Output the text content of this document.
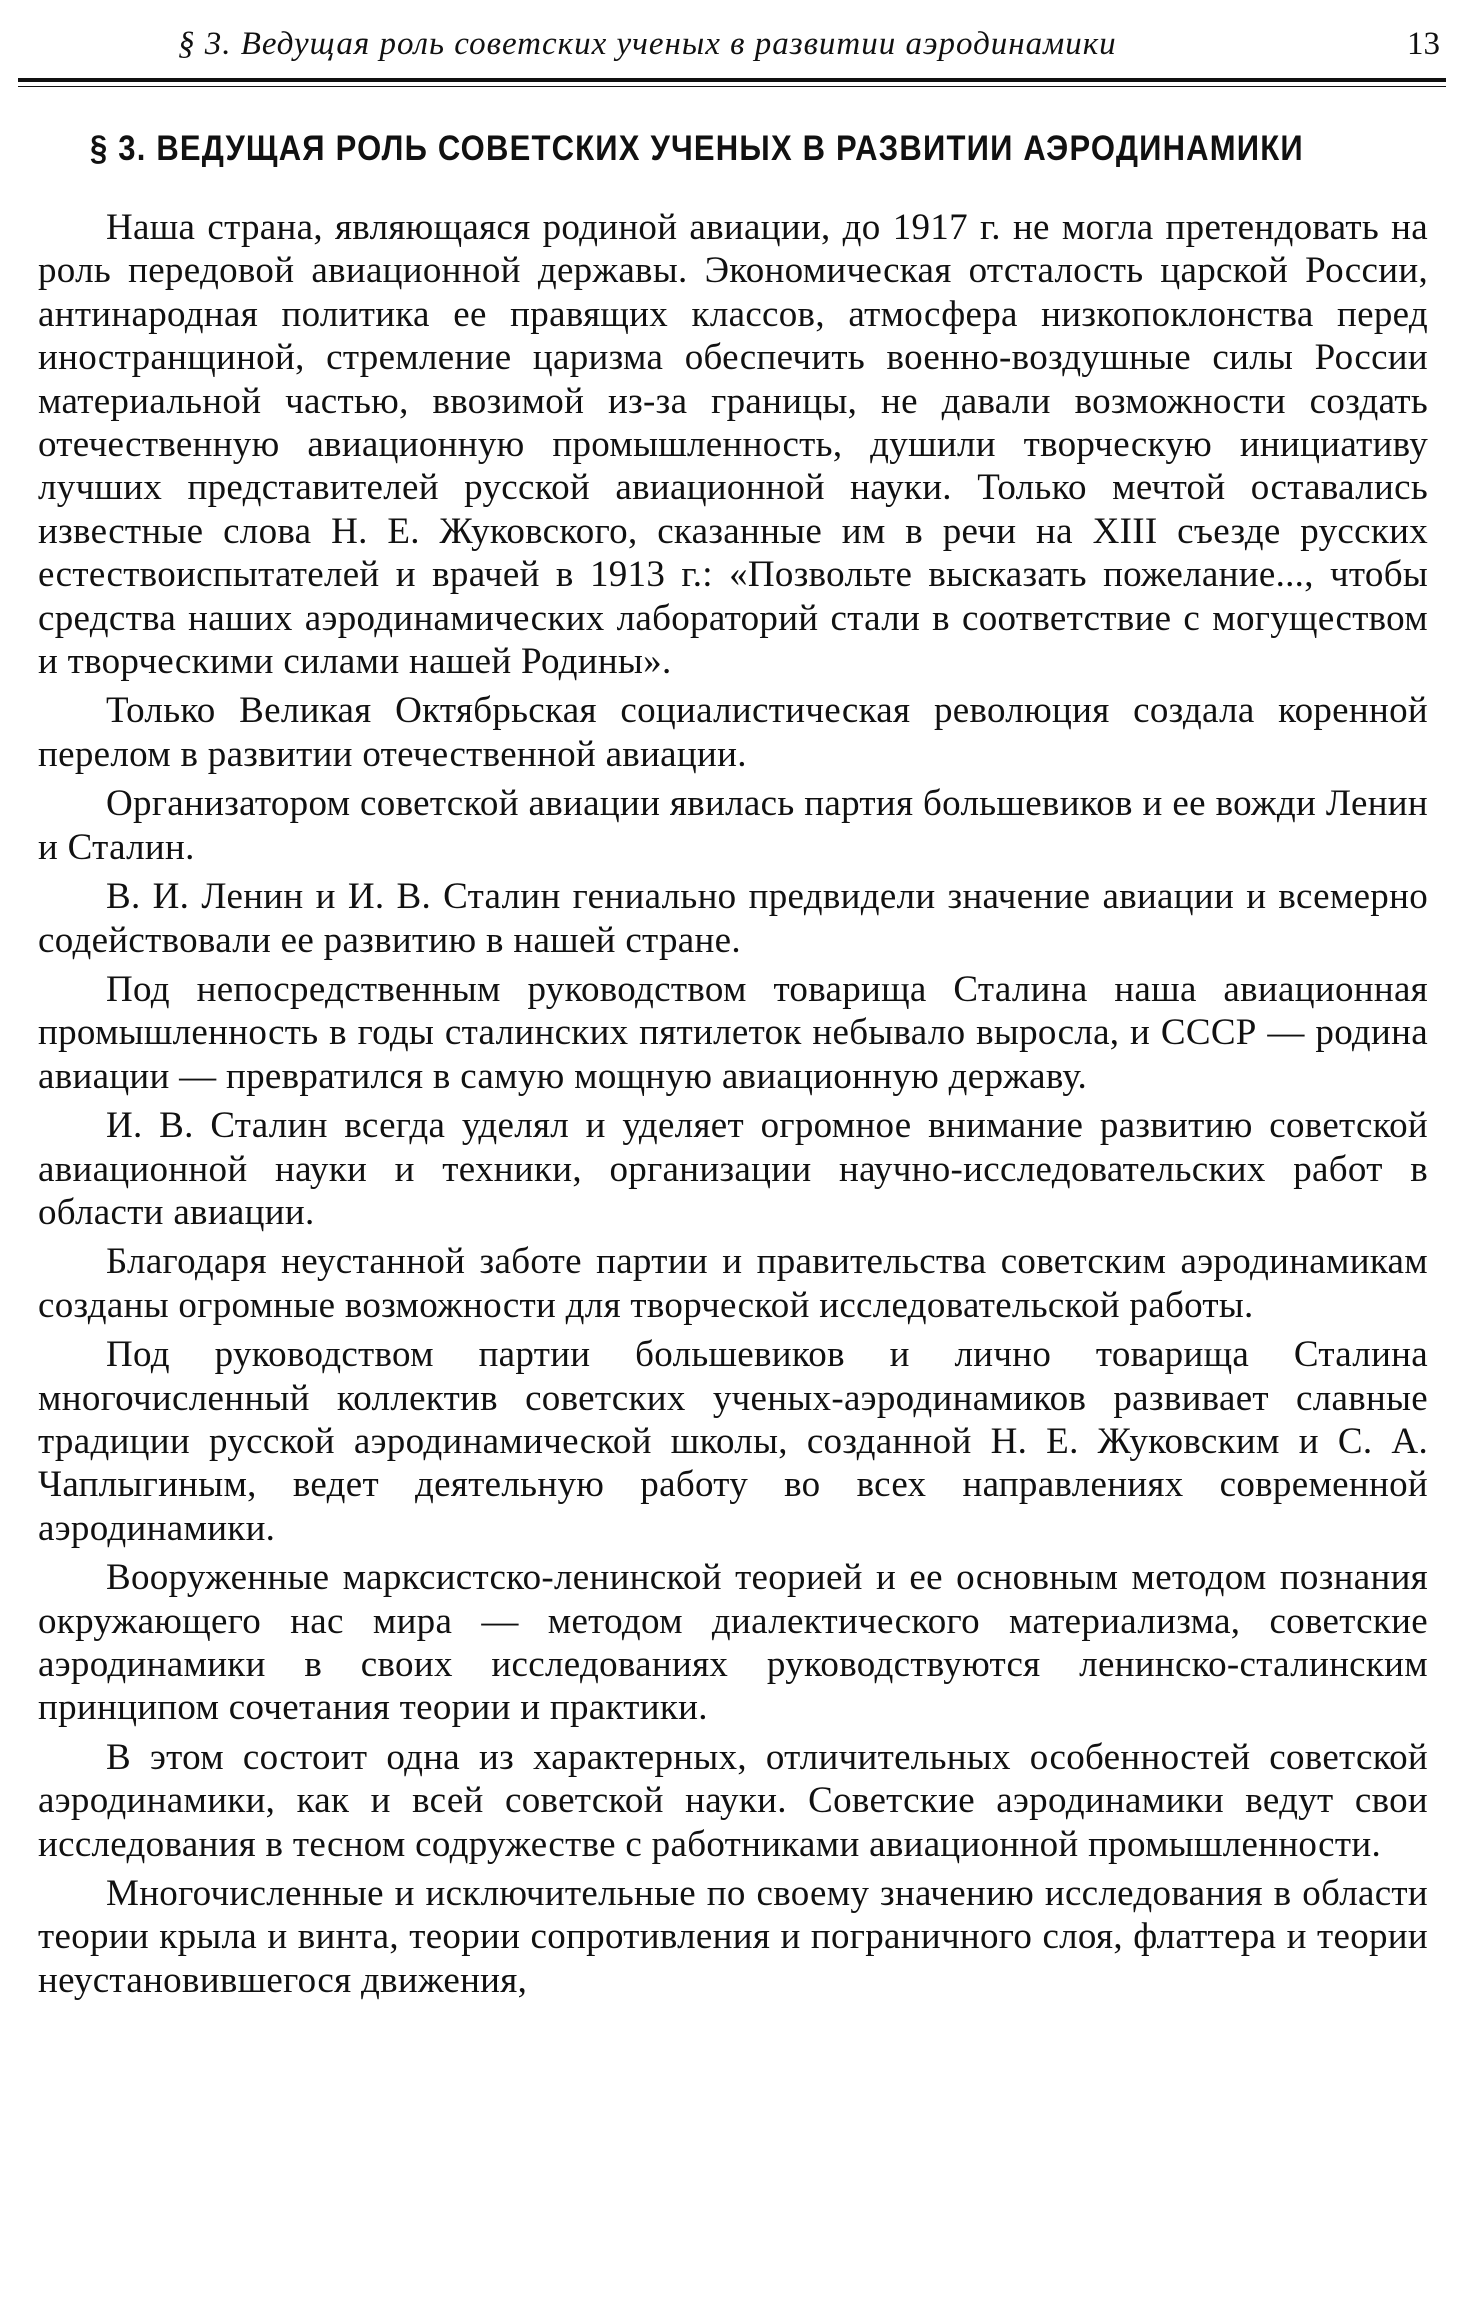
§ 3. Ведущая роль советских ученых в развитии аэродинамики	13
§ 3. ВЕДУЩАЯ РОЛЬ СОВЕТСКИХ УЧЕНЫХ В РАЗВИТИИ АЭРОДИНАМИКИ

Наша страна, являющаяся родиной авиации, до 1917 г. не могла претендовать на роль передовой авиационной державы. Экономическая отсталость царской России, антинародная политика ее правящих классов, атмосфера низкопоклонства перед иностранщиной, стремление царизма обеспечить военно-воздушные силы России материальной частью, ввозимой из-за границы, не давали возможности создать отечественную авиационную промышленность, душили творческую инициативу лучших представителей русской авиационной науки. Только мечтой оставались известные слова Н. Е. Жуковского, сказанные им в речи на XIII съезде русских естествоиспытателей и врачей в 1913 г.: «Позвольте высказать пожелание..., чтобы средства наших аэродинамических лабораторий стали в соответствие с могуществом и творческими силами нашей Родины».

Только Великая Октябрьская социалистическая революция создала коренной перелом в развитии отечественной авиации.

Организатором советской авиации явилась партия большевиков и ее вожди Ленин и Сталин.

В. И. Ленин и И. В. Сталин гениально предвидели значение авиации и всемерно содействовали ее развитию в нашей стране.

Под непосредственным руководством товарища Сталина наша авиационная промышленность в годы сталинских пятилеток небывало выросла, и СССР — родина авиации — превратился в самую мощную авиационную державу.

И. В. Сталин всегда уделял и уделяет огромное внимание развитию советской авиационной науки и техники, организации научно-исследовательских работ в области авиации.

Благодаря неустанной заботе партии и правительства советским аэродинамикам созданы огромные возможности для творческой исследовательской работы.

Под руководством партии большевиков и лично товарища Сталина многочисленный коллектив советских ученых-аэродинамиков развивает славные традиции русской аэродинамической школы, созданной Н. Е. Жуковским и С. А. Чаплыгиным, ведет деятельную работу во всех направлениях современной аэродинамики.

Вооруженные марксистско-ленинской теорией и ее основным методом познания окружающего нас мира — методом диалектического материализма, советские аэродинамики в своих исследованиях руководствуются ленинско-сталинским принципом сочетания теории и практики.

В этом состоит одна из характерных, отличительных особенностей советской аэродинамики, как и всей советской науки. Советские аэродинамики ведут свои исследования в тесном содружестве с работниками авиационной промышленности.

Многочисленные и исключительные по своему значению исследования в области теории крыла и винта, теории сопротивления и пограничного слоя, флаттера и теории неустановившегося движения,
